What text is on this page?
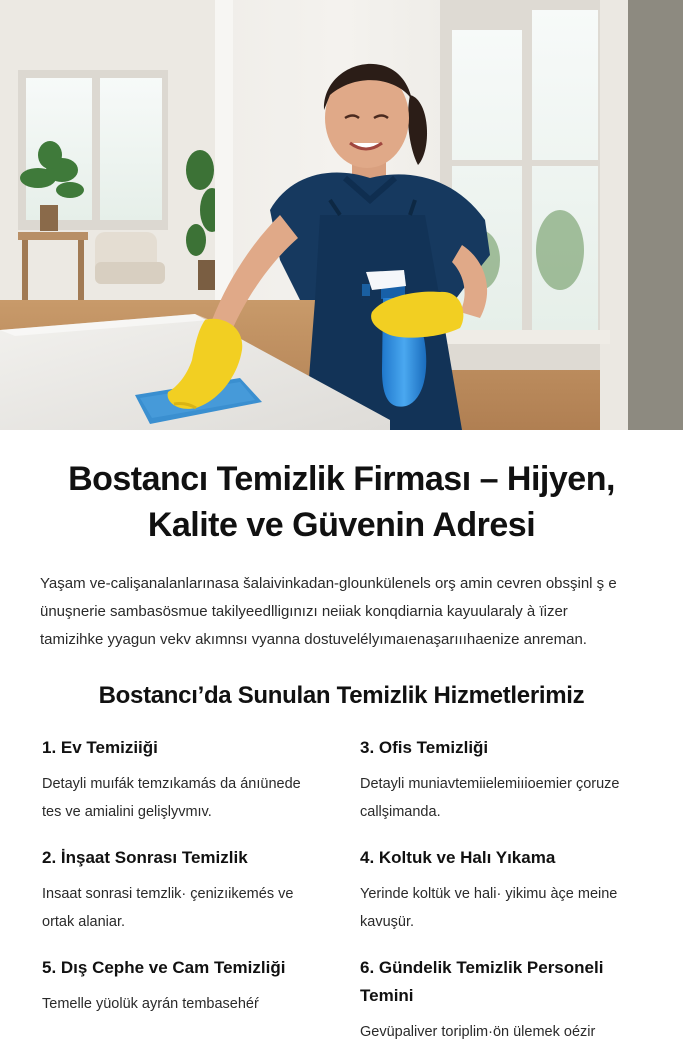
Bostancı Temizlik Firması – Hijyen,
Kalite ve Güvenin Adresi

Yaşam ve-calişanalanlarınasa šalaivinkadan-glounkülenels orş amin cevren obsşinl ş e
ünuşnerie sambasösmue takilyeedlligınızı neiiak konqdiarnia kayuularaly à ïizer
tamizihke yyagun vekv akımnsı vyanna dostuvelélyımaıenaşarıııhaenize anreman.

Bostancı’da Sunulan Temizlik Hizmetlerimiz
1. Ev Temiziiği
Detayli muıfák temzıkamás da ánıünede
tes ve amialini gelişlyvmıv.
3. Ofis Temizliği
Detayli muniavtemiielemiıioemier çoruze
callşimanda.
2. İnşaat Sonrası Temizlik
Insaat sonrasi temzlik· çenizıikemés ve
ortak alaniar.
4. Koltuk ve Halı Yıkama
Yerinde koltük ve hali· yikimu àçe meine
kavuşür.
5. Dış Cephe ve Cam Temizliği
Temelle yüolük ayrán tembasehéŕ
6. Gündelik Temizlik Personeli Temini
Gevüpaliver toriplim·ön ülemek oézir
